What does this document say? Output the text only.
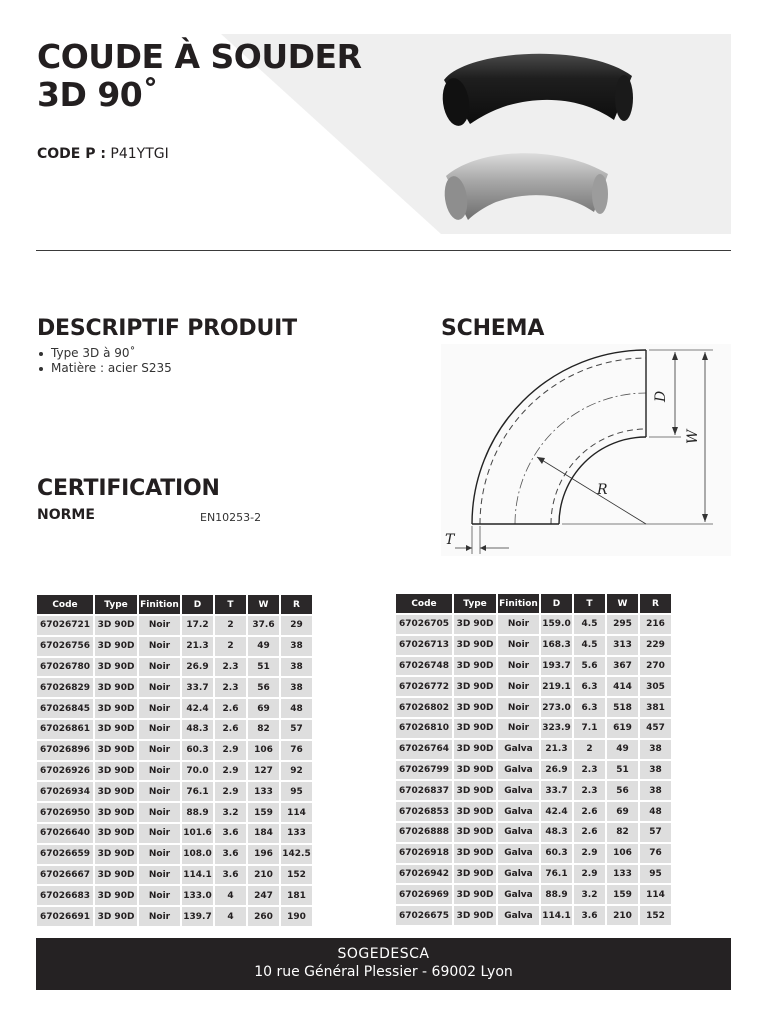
COUDE À SOUDER
3D 90˚
CODE P : P41YTGI
DESCRIPTIF PRODUIT
Type 3D à 90˚
Matière : acier S235
CERTIFICATION
NORME	EN10253-2
SCHEMA
D
W
R
T
Code	Type	Finition	D	T	W	R
67026721	3D 90D	Noir	17.2	2	37.6	29
67026756	3D 90D	Noir	21.3	2	49	38
67026780	3D 90D	Noir	26.9	2.3	51	38
67026829	3D 90D	Noir	33.7	2.3	56	38
67026845	3D 90D	Noir	42.4	2.6	69	48
67026861	3D 90D	Noir	48.3	2.6	82	57
67026896	3D 90D	Noir	60.3	2.9	106	76
67026926	3D 90D	Noir	70.0	2.9	127	92
67026934	3D 90D	Noir	76.1	2.9	133	95
67026950	3D 90D	Noir	88.9	3.2	159	114
67026640	3D 90D	Noir	101.6	3.6	184	133
67026659	3D 90D	Noir	108.0	3.6	196	142.5
67026667	3D 90D	Noir	114.1	3.6	210	152
67026683	3D 90D	Noir	133.0	4	247	181
67026691	3D 90D	Noir	139.7	4	260	190
Code	Type	Finition	D	T	W	R
67026705	3D 90D	Noir	159.0	4.5	295	216
67026713	3D 90D	Noir	168.3	4.5	313	229
67026748	3D 90D	Noir	193.7	5.6	367	270
67026772	3D 90D	Noir	219.1	6.3	414	305
67026802	3D 90D	Noir	273.0	6.3	518	381
67026810	3D 90D	Noir	323.9	7.1	619	457
67026764	3D 90D	Galva	21.3	2	49	38
67026799	3D 90D	Galva	26.9	2.3	51	38
67026837	3D 90D	Galva	33.7	2.3	56	38
67026853	3D 90D	Galva	42.4	2.6	69	48
67026888	3D 90D	Galva	48.3	2.6	82	57
67026918	3D 90D	Galva	60.3	2.9	106	76
67026942	3D 90D	Galva	76.1	2.9	133	95
67026969	3D 90D	Galva	88.9	3.2	159	114
67026675	3D 90D	Galva	114.1	3.6	210	152
SOGEDESCA
10 rue Général Plessier - 69002 Lyon
